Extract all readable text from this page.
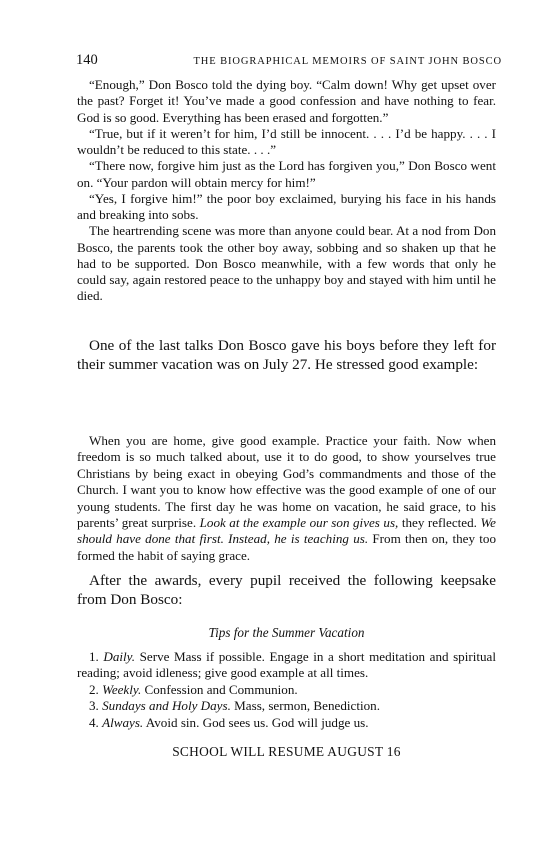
140	THE BIOGRAPHICAL MEMOIRS OF SAINT JOHN BOSCO

“Enough,” Don Bosco told the dying boy. “Calm down! Why get upset over the past? Forget it! You’ve made a good confession and have nothing to fear. God is so good. Everything has been erased and forgotten.”

“True, but if it weren’t for him, I’d still be innocent. . . . I’d be happy. . . . I wouldn’t be reduced to this state. . . .”

“There now, forgive him just as the Lord has forgiven you,” Don Bosco went on. “Your pardon will obtain mercy for him!”

“Yes, I forgive him!” the poor boy exclaimed, burying his face in his hands and breaking into sobs.

The heartrending scene was more than anyone could bear. At a nod from Don Bosco, the parents took the other boy away, sobbing and so shaken up that he had to be supported. Don Bosco meanwhile, with a few words that only he could say, again restored peace to the unhappy boy and stayed with him until he died.

One of the last talks Don Bosco gave his boys before they left for their summer vacation was on July 27. He stressed good example:

When you are home, give good example. Practice your faith. Now when freedom is so much talked about, use it to do good, to show yourselves true Christians by being exact in obeying God’s commandments and those of the Church. I want you to know how effective was the good example of one of our young students. The first day he was home on vacation, he said grace, to his parents’ great surprise. Look at the example our son gives us, they reflected. We should have done that first. Instead, he is teaching us. From then on, they too formed the habit of saying grace.

After the awards, every pupil received the following keepsake from Don Bosco:

Tips for the Summer Vacation

1. Daily. Serve Mass if possible. Engage in a short meditation and spiritual reading; avoid idleness; give good example at all times.

2. Weekly. Confession and Communion.

3. Sundays and Holy Days. Mass, sermon, Benediction.

4. Always. Avoid sin. God sees us. God will judge us.

SCHOOL WILL RESUME AUGUST 16
